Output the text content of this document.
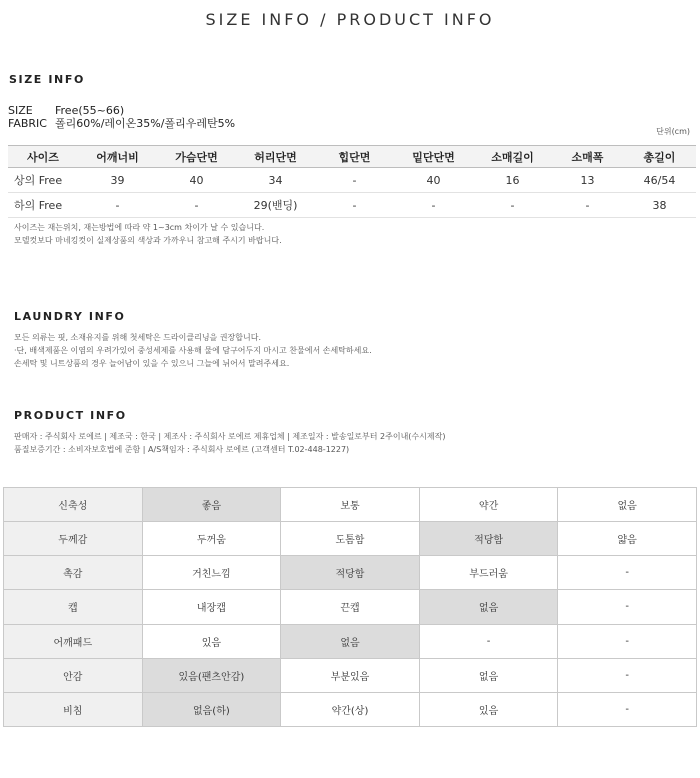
SIZE INFO / PRODUCT INFO
SIZE INFO
SIZE Free(55~66)
FABRIC 폴리60%/레이온35%/폴리우레탄5%
단위(cm)
사이즈	어깨너비	가슴단면	허리단면	힙단면	밑단단면	소매길이	소매폭	총길이
상의 Free	39	40	34	-	40	16	13	46/54
하의 Free	-	-	29(밴딩)	-	-	-	-	38
사이즈는 재는위치, 재는방법에 따라 약 1~3cm 차이가 날 수 있습니다.
모델컷보다 마네킹컷이 실제상품의 색상과 가까우니 참고해 주시기 바랍니다.
LAUNDRY INFO
모든 의류는 핏, 소재유지를 위해 첫세탁은 드라이클리닝을 권장합니다.
·단, 배색제품은 이염의 우려가있어 중성세제를 사용해 물에 담구어두지 마시고 찬물에서 손세탁하세요.
손세탁 및 니트상품의 경우 늘어남이 있을 수 있으니 그늘에 뉘어서 말려주세요.
PRODUCT INFO
판매자 : 주식회사 로에르 | 제조국 : 한국 | 제조사 : 주식회사 로에르 제휴업체 | 제조일자 : 발송일로부터 2주이내(수시제작)
품질보증기간 : 소비자보호법에 준함 | A/S책임자 : 주식회사 로에르 (고객센터 T.02-448-1227)
신축성	좋음	보통	약간	없음
두께감	두꺼움	도톰함	적당함	얇음
촉감	거친느낌	적당함	부드러움	-
캡	내장캡	끈캡	없음	-
어깨패드	있음	없음	-	-
안감	있음(팬츠안감)	부분있음	없음	-
비침	없음(하)	약간(상)	있음	-
